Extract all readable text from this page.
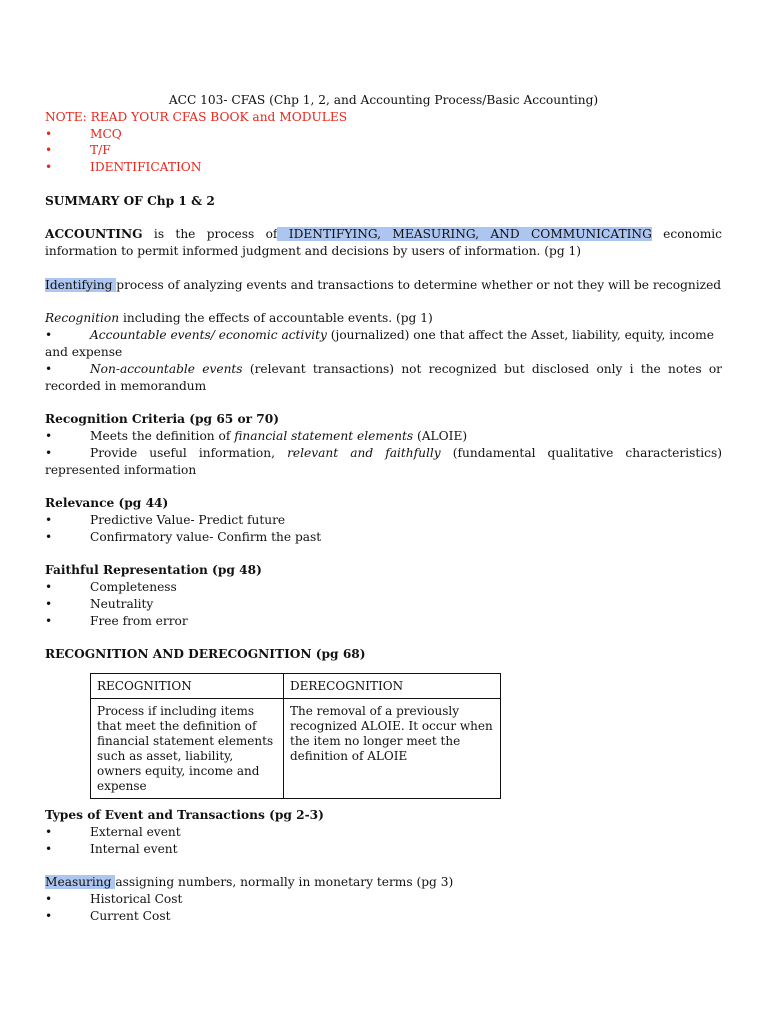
ACC 103- CFAS (Chp 1, 2, and Accounting Process/Basic Accounting)
NOTE: READ YOUR CFAS BOOK and MODULES
•	MCQ
•	T/F
•	IDENTIFICATION
SUMMARY OF Chp 1 & 2
ACCOUNTING is the process of IDENTIFYING, MEASURING, AND COMMUNICATING economic information to permit informed judgment and decisions by users of information. (pg 1)
Identifying process of analyzing events and transactions to determine whether or not they will be recognized
Recognition including the effects of accountable events. (pg 1)
•	Accountable events/ economic activity (journalized) one that affect the Asset, liability, equity, income and expense
•	Non-accountable events (relevant transactions) not recognized but disclosed only i the notes or recorded in memorandum
Recognition Criteria (pg 65 or 70)
•	Meets the definition of financial statement elements (ALOIE)
•	Provide useful information, relevant and faithfully (fundamental qualitative characteristics) represented information
Relevance (pg 44)
•	Predictive Value- Predict future
•	Confirmatory value- Confirm the past
Faithful Representation (pg 48)
•	Completeness
•	Neutrality
•	Free from error
RECOGNITION AND DERECOGNITION (pg 68)
RECOGNITION	DERECOGNITION
Process if including items that meet the definition of financial statement elements such as asset, liability, owners equity, income and expense	The removal of a previously recognized ALOIE. It occur when the item no longer meet the definition of ALOIE
Types of Event and Transactions (pg 2-3)
•	External event
•	Internal event
Measuring assigning numbers, normally in monetary terms (pg 3)
•	Historical Cost
•	Current Cost
